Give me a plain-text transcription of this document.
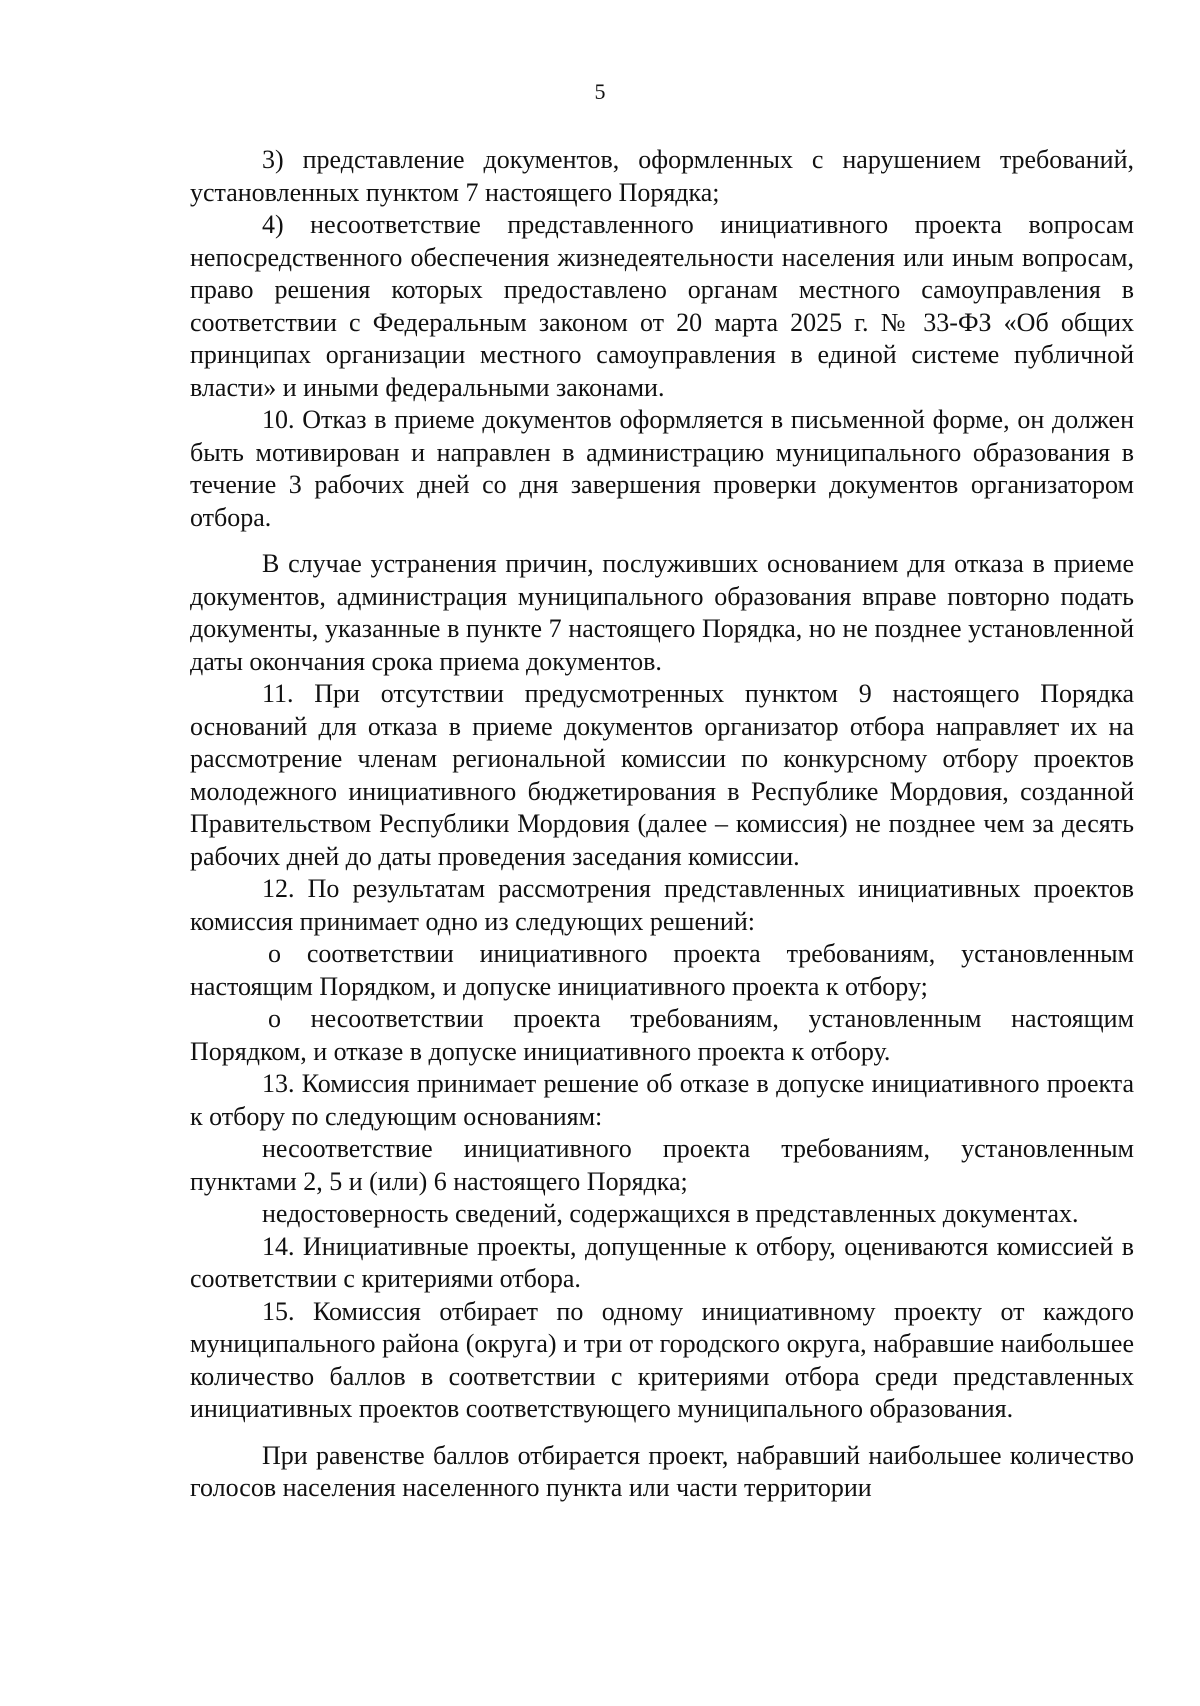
5

3) представление документов, оформленных с нарушением требований, установленных пунктом 7 настоящего Порядка;

4) несоответствие представленного инициативного проекта вопросам непосредственного обеспечения жизнедеятельности населения или иным вопросам, право решения которых предоставлено органам местного самоуправления в соответствии с Федеральным законом от 20 марта 2025 г. № 33-ФЗ «Об общих принципах организации местного самоуправления в единой системе публичной власти» и иными федеральными законами.

10. Отказ в приеме документов оформляется в письменной форме, он должен быть мотивирован и направлен в администрацию муниципального образования в течение 3 рабочих дней со дня завершения проверки документов организатором отбора.

В случае устранения причин, послуживших основанием для отказа в приеме документов, администрация муниципального образования вправе повторно подать документы, указанные в пункте 7 настоящего Порядка, но не позднее установленной даты окончания срока приема документов.

11. При отсутствии предусмотренных пунктом 9 настоящего Порядка оснований для отказа в приеме документов организатор отбора направляет их на рассмотрение членам региональной комиссии по конкурсному отбору проектов молодежного инициативного бюджетирования в Республике Мордовия, созданной Правительством Республики Мордовия (далее – комиссия) не позднее чем за десять рабочих дней до даты проведения заседания комиссии.

12. По результатам рассмотрения представленных инициативных проектов комиссия принимает одно из следующих решений:

о соответствии инициативного проекта требованиям, установленным настоящим Порядком, и допуске инициативного проекта к отбору;

о несоответствии проекта требованиям, установленным настоящим Порядком, и отказе в допуске инициативного проекта к отбору.

13. Комиссия принимает решение об отказе в допуске инициативного проекта к отбору по следующим основаниям:

несоответствие инициативного проекта требованиям, установленным пунктами 2, 5 и (или) 6 настоящего Порядка;

недостоверность сведений, содержащихся в представленных документах.

14. Инициативные проекты, допущенные к отбору, оцениваются комиссией в соответствии с критериями отбора.

15. Комиссия отбирает по одному инициативному проекту от каждого муниципального района (округа) и три от городского округа, набравшие наибольшее количество баллов в соответствии с критериями отбора среди представленных инициативных проектов соответствующего муниципального образования.

При равенстве баллов отбирается проект, набравший наибольшее количество голосов населения населенного пункта или части территории
